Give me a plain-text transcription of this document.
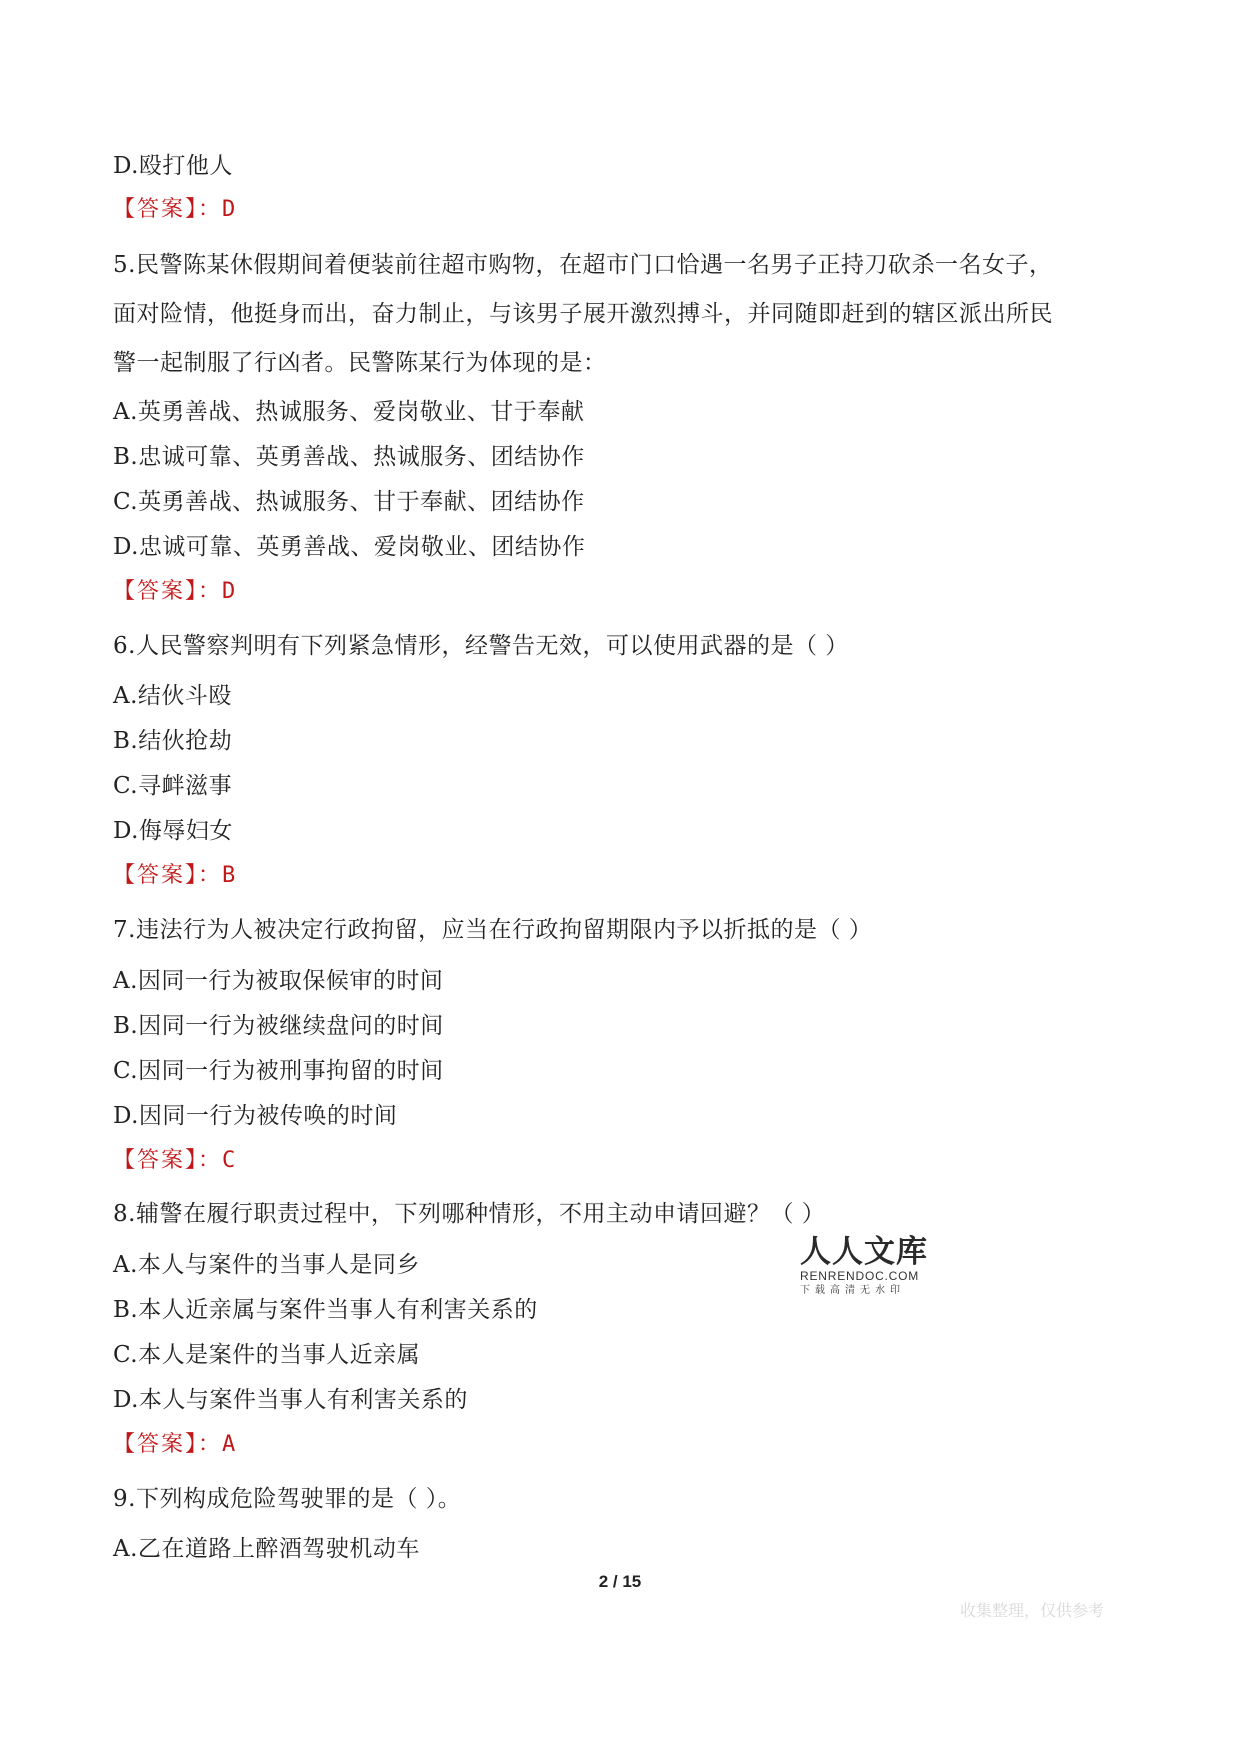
D.殴打他人
【答案】：D
5.民警陈某休假期间着便装前往超市购物，在超市门口恰遇一名男子正持刀砍杀一名女子，
面对险情，他挺身而出，奋力制止，与该男子展开激烈搏斗，并同随即赶到的辖区派出所民
警一起制服了行凶者。民警陈某行为体现的是：
A.英勇善战、热诚服务、爱岗敬业、甘于奉献
B.忠诚可靠、英勇善战、热诚服务、团结协作
C.英勇善战、热诚服务、甘于奉献、团结协作
D.忠诚可靠、英勇善战、爱岗敬业、团结协作
【答案】：D
6.人民警察判明有下列紧急情形，经警告无效，可以使用武器的是（ ）
A.结伙斗殴
B.结伙抢劫
C.寻衅滋事
D.侮辱妇女
【答案】：B
7.违法行为人被决定行政拘留，应当在行政拘留期限内予以折抵的是（ ）
A.因同一行为被取保候审的时间
B.因同一行为被继续盘问的时间
C.因同一行为被刑事拘留的时间
D.因同一行为被传唤的时间
【答案】：C
8.辅警在履行职责过程中，下列哪种情形，不用主动申请回避？（ ）
A.本人与案件的当事人是同乡
B.本人近亲属与案件当事人有利害关系的
C.本人是案件的当事人近亲属
D.本人与案件当事人有利害关系的
【答案】：A
9.下列构成危险驾驶罪的是（ ）。
A.乙在道路上醉酒驾驶机动车
人人文库
RENRENDOC.COM
下载高清无水印
2 / 15
收集整理，仅供参考
